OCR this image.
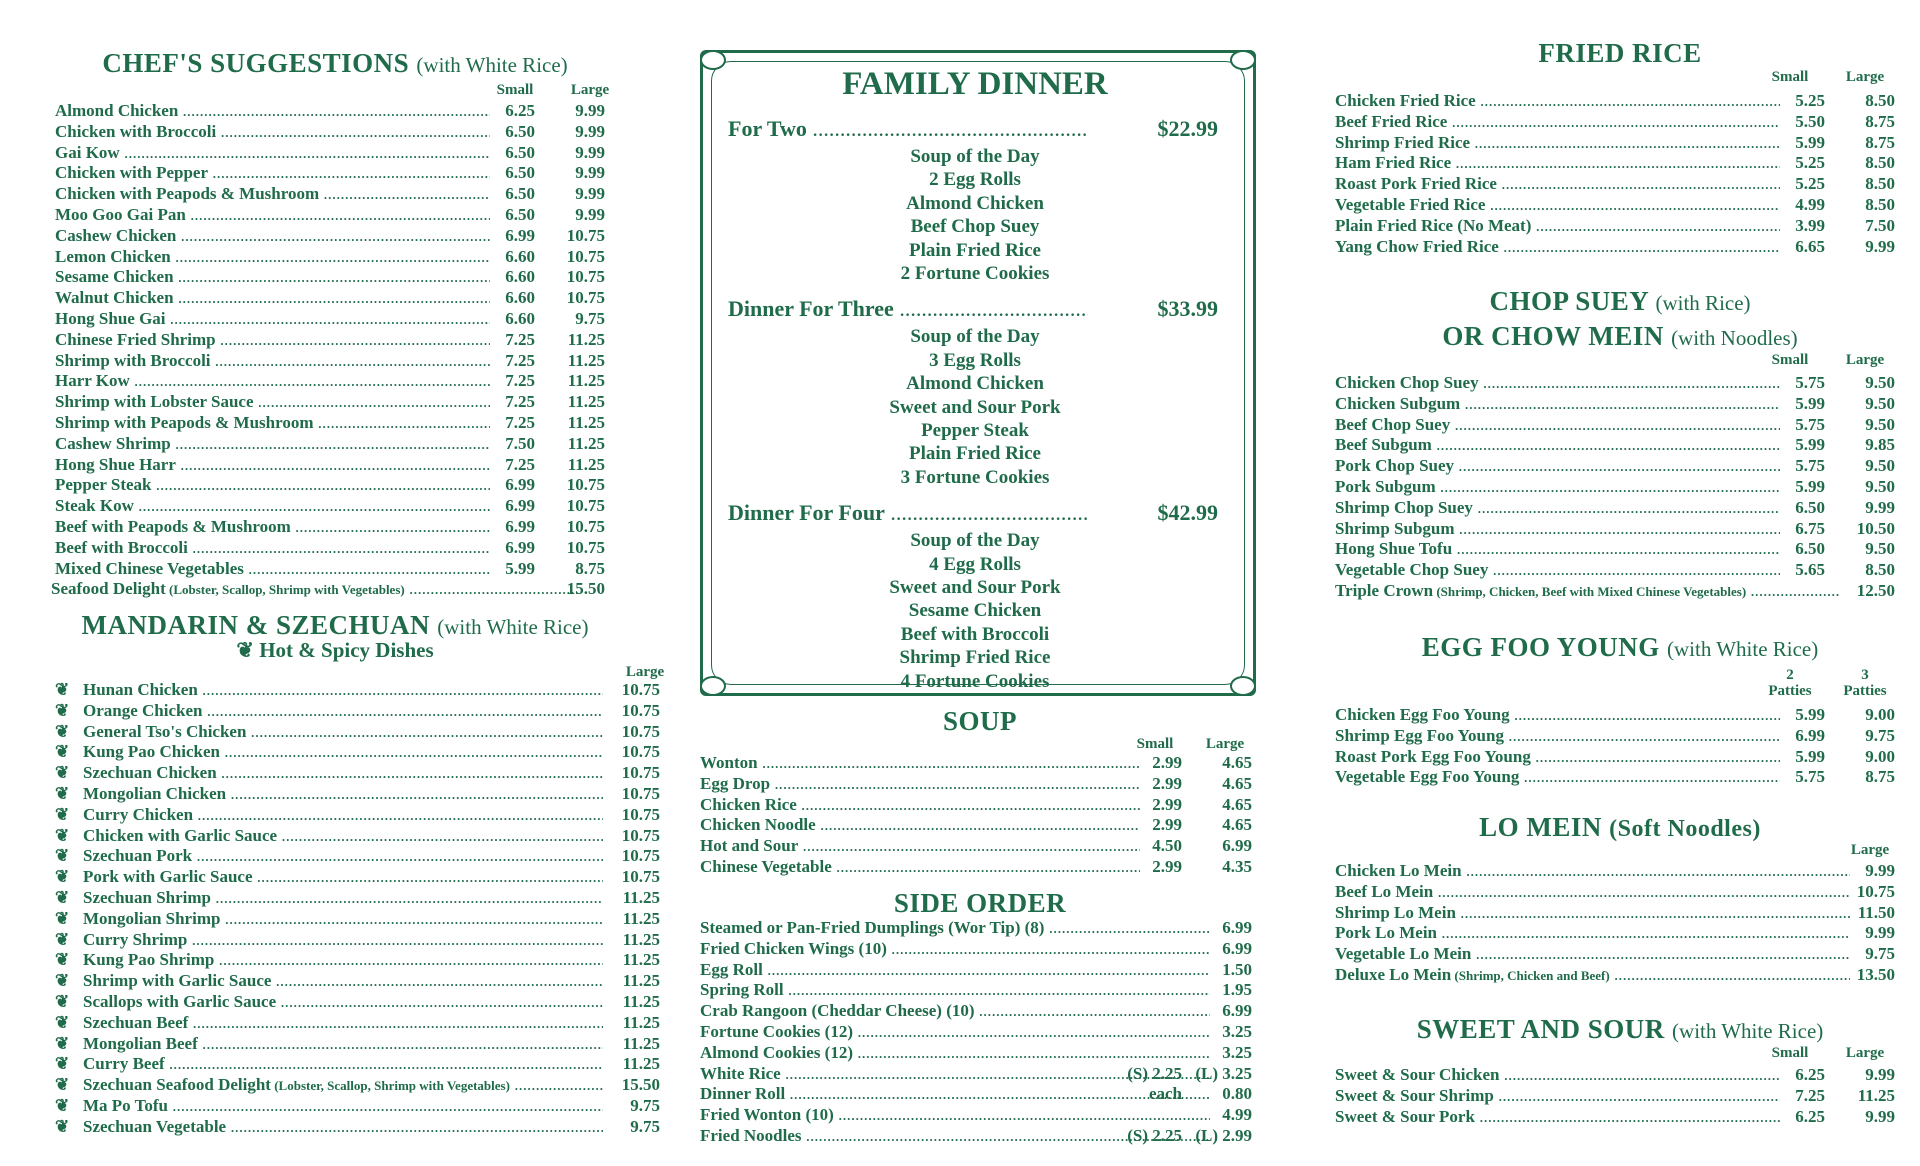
CHEF'S SUGGESTIONS (with White Rice)
Small	Large
Almond Chicken .....	6.25 9.99
Chicken with Broccoli .....	6.50 9.99
Gai Kow .....	6.50 9.99
Chicken with Pepper .....	6.50 9.99
Chicken with Peapods & Mushroom .....	6.50 9.99
Moo Goo Gai Pan .....	6.50 9.99
Cashew Chicken .....	6.99 10.75
Lemon Chicken .....	6.60 10.75
Sesame Chicken .....	6.60 10.75
Walnut Chicken .....	6.60 10.75
Hong Shue Gai .....	6.60 9.75
Chinese Fried Shrimp .....	7.25 11.25
Shrimp with Broccoli .....	7.25 11.25
Harr Kow .....	7.25 11.25
Shrimp with Lobster Sauce .....	7.25 11.25
Shrimp with Peapods & Mushroom .....	7.25 11.25
Cashew Shrimp .....	7.50 11.25
Hong Shue Harr .....	7.25 11.25
Pepper Steak .....	6.99 10.75
Steak Kow .....	6.99 10.75
Beef with Peapods & Mushroom .....	6.99 10.75
Beef with Broccoli .....	6.99 10.75
Mixed Chinese Vegetables .....	5.99 8.75
Seafood Delight (Lobster, Scallop, Shrimp with Vegetables) .....	15.50
MANDARIN & SZECHUAN (with White Rice)
❦ Hot & Spicy Dishes
Large
❦ Hunan Chicken .....	10.75
❦ Orange Chicken .....	10.75
❦ General Tso's Chicken .....	10.75
❦ Kung Pao Chicken .....	10.75
❦ Szechuan Chicken .....	10.75
❦ Mongolian Chicken .....	10.75
❦ Curry Chicken .....	10.75
❦ Chicken with Garlic Sauce .....	10.75
❦ Szechuan Pork .....	10.75
❦ Pork with Garlic Sauce .....	10.75
❦ Szechuan Shrimp .....	11.25
❦ Mongolian Shrimp .....	11.25
❦ Curry Shrimp .....	11.25
❦ Kung Pao Shrimp .....	11.25
❦ Shrimp with Garlic Sauce .....	11.25
❦ Scallops with Garlic Sauce .....	11.25
❦ Szechuan Beef .....	11.25
❦ Mongolian Beef .....	11.25
❦ Curry Beef .....	11.25
❦ Szechuan Seafood Delight (Lobster, Scallop, Shrimp with Vegetables) .....	15.50
❦ Ma Po Tofu .....	9.75
❦ Szechuan Vegetable .....	9.75
FAMILY DINNER
For Two .....	$22.99
Soup of the Day
2 Egg Rolls
Almond Chicken
Beef Chop Suey
Plain Fried Rice
2 Fortune Cookies
Dinner For Three .....	$33.99
Soup of the Day
3 Egg Rolls
Almond Chicken
Sweet and Sour Pork
Pepper Steak
Plain Fried Rice
3 Fortune Cookies
Dinner For Four .....	$42.99
Soup of the Day
4 Egg Rolls
Sweet and Sour Pork
Sesame Chicken
Beef with Broccoli
Shrimp Fried Rice
4 Fortune Cookies
SOUP
Small	Large
Wonton .....	2.99 4.65
Egg Drop .....	2.99 4.65
Chicken Rice .....	2.99 4.65
Chicken Noodle .....	2.99 4.65
Hot and Sour .....	4.50 6.99
Chinese Vegetable .....	2.99 4.35
SIDE ORDER
Steamed or Pan-Fried Dumplings (Wor Tip) (8) .....	6.99
Fried Chicken Wings (10) .....	6.99
Egg Roll .....	1.50
Spring Roll .....	1.95
Crab Rangoon (Cheddar Cheese) (10) .....	6.99
Fortune Cookies (12) .....	3.25
Almond Cookies (12) .....	3.25
White Rice .....	(S) 2.25 (L) 3.25
Dinner Roll .....	each 0.80
Fried Wonton (10) .....	4.99
Fried Noodles .....	(S) 2.25 (L) 2.99
FRIED RICE
Small	Large
Chicken Fried Rice .....	5.25 8.50
Beef Fried Rice .....	5.50 8.75
Shrimp Fried Rice .....	5.99 8.75
Ham Fried Rice .....	5.25 8.50
Roast Pork Fried Rice .....	5.25 8.50
Vegetable Fried Rice .....	4.99 8.50
Plain Fried Rice (No Meat) .....	3.99 7.50
Yang Chow Fried Rice .....	6.65 9.99
CHOP SUEY (with Rice)
OR CHOW MEIN (with Noodles)
Small	Large
Chicken Chop Suey .....	5.75 9.50
Chicken Subgum .....	5.99 9.50
Beef Chop Suey .....	5.75 9.50
Beef Subgum .....	5.99 9.85
Pork Chop Suey .....	5.75 9.50
Pork Subgum .....	5.99 9.50
Shrimp Chop Suey .....	6.50 9.99
Shrimp Subgum .....	6.75 10.50
Hong Shue Tofu .....	6.50 9.50
Vegetable Chop Suey .....	5.65 8.50
Triple Crown (Shrimp, Chicken, Beef with Mixed Chinese Vegetables) .....	12.50
EGG FOO YOUNG (with White Rice)
2
Patties
3
Patties
Chicken Egg Foo Young .....	5.99 9.00
Shrimp Egg Foo Young .....	6.99 9.75
Roast Pork Egg Foo Young .....	5.99 9.00
Vegetable Egg Foo Young .....	5.75 8.75
LO MEIN (Soft Noodles)
Large
Chicken Lo Mein .....	9.99
Beef Lo Mein .....	10.75
Shrimp Lo Mein .....	11.50
Pork Lo Mein .....	9.99
Vegetable Lo Mein .....	9.75
Deluxe Lo Mein (Shrimp, Chicken and Beef) .....	13.50
SWEET AND SOUR (with White Rice)
Small	Large
Sweet & Sour Chicken .....	6.25 9.99
Sweet & Sour Shrimp .....	7.25 11.25
Sweet & Sour Pork .....	6.25 9.99
